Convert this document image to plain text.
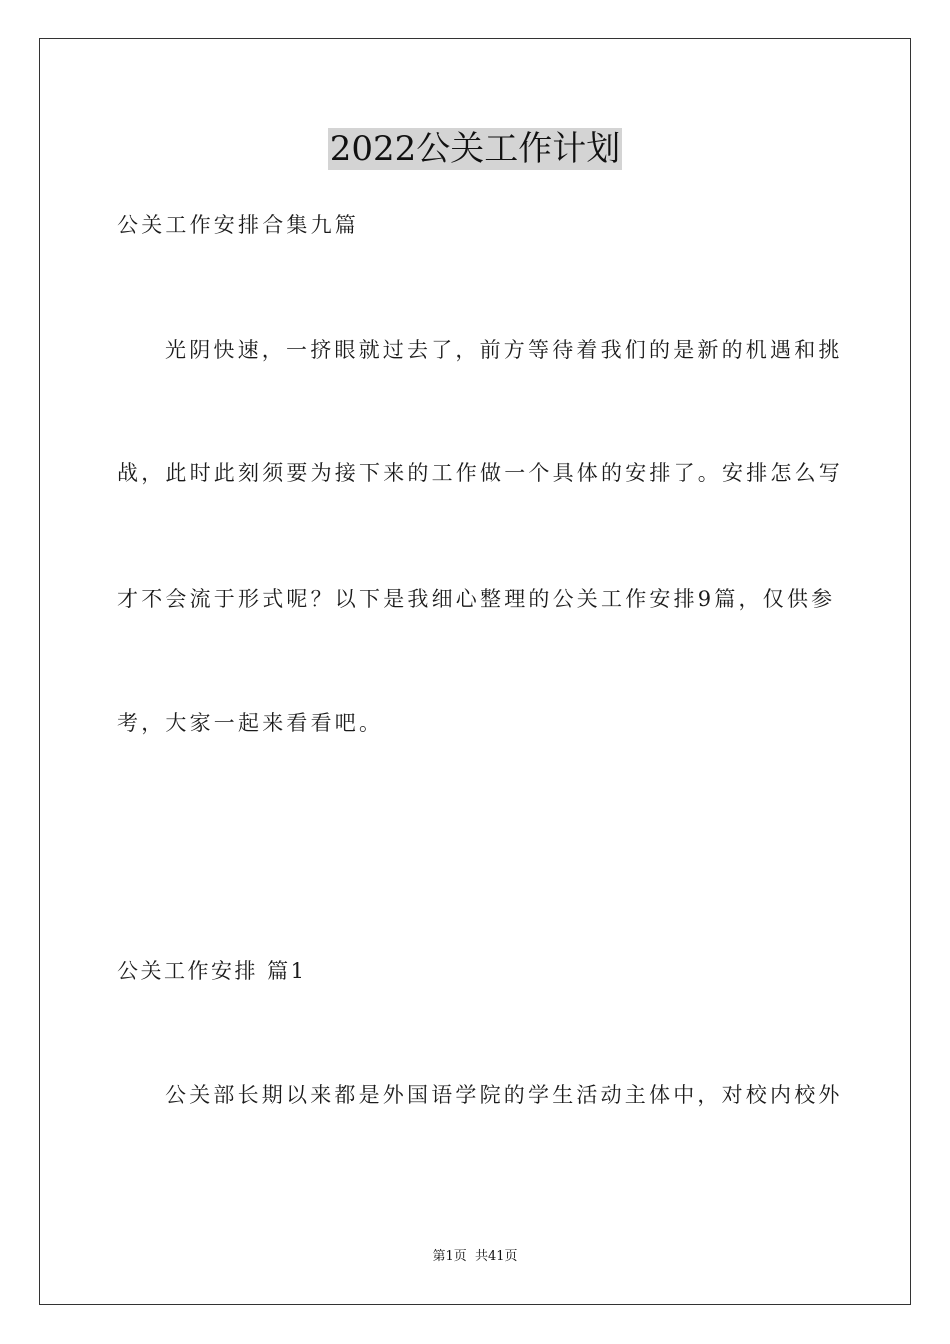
2022公关工作计划
公关工作安排合集九篇
光阴快速，一挤眼就过去了，前方等待着我们的是新的机遇和挑
战，此时此刻须要为接下来的工作做一个具体的安排了。安排怎么写
才不会流于形式呢？以下是我细心整理的公关工作安排9篇，仅供参
考，大家一起来看看吧。
公关工作安排 篇1
公关部长期以来都是外国语学院的学生活动主体中，对校内校外
第1页 共41页
